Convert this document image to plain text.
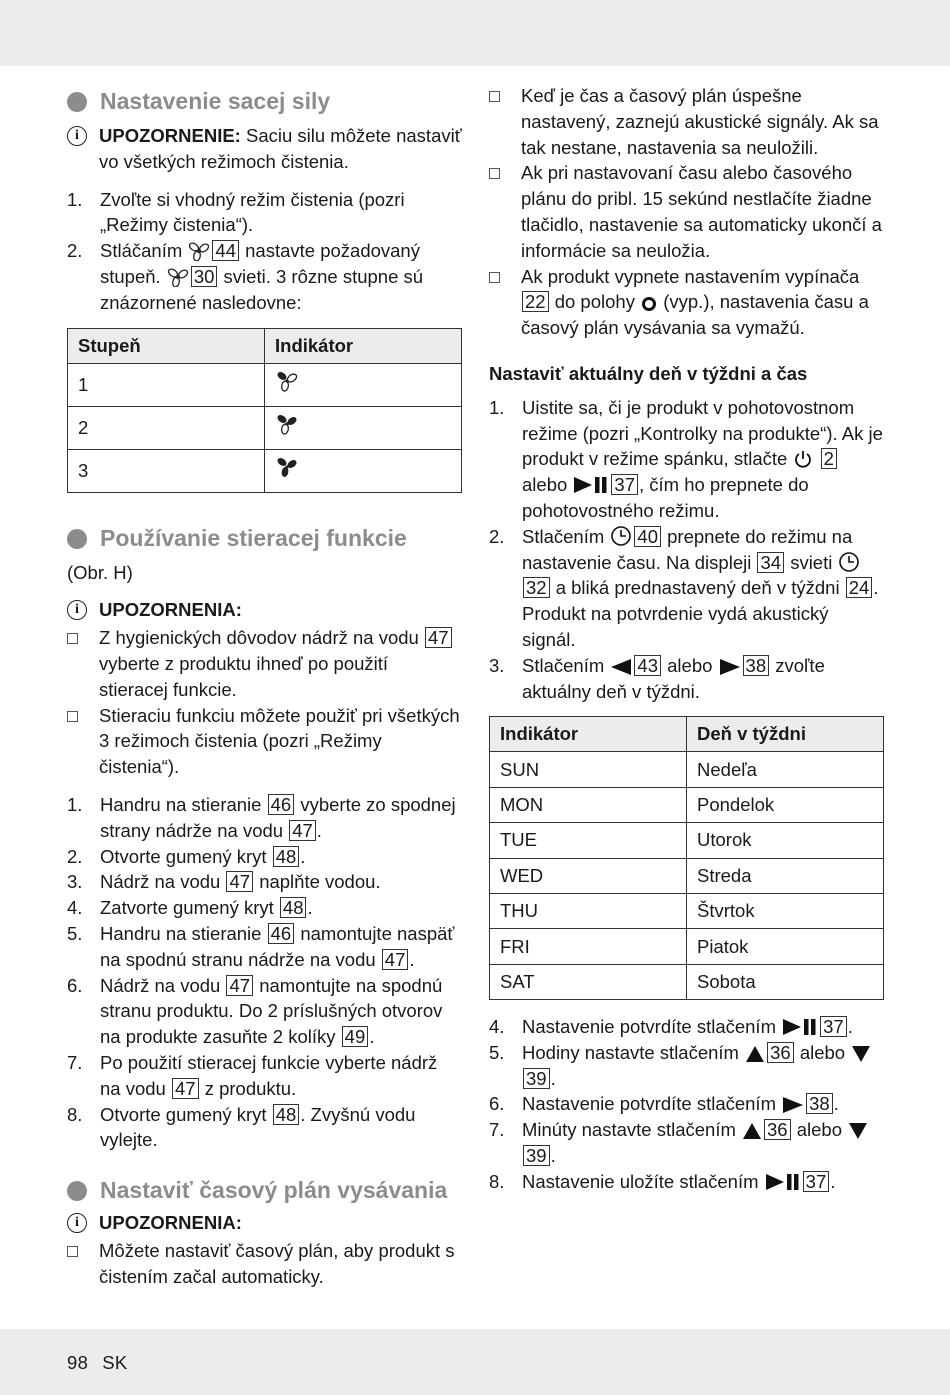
Nastavenie sacej sily
i	UPOZORNENIE: Saciu silu môžete nastaviť vo všetkých režimoch čistenia.
1. Zvoľte si vhodný režim čistenia (pozri „Režimy čistenia“).
2. Stláčaním 44 nastavte požadovaný stupeň. 30 svieti. 3 rôzne stupne sú znázornené nasledovne:
Stupeň	Indikátor
1	
2	
3	
Používanie stieracej funkcie
(Obr. H)
i	UPOZORNENIA:
Z hygienických dôvodov nádrž na vodu 47 vyberte z produktu ihneď po použití stieracej funkcie.
Stieraciu funkciu môžete použiť pri všetkých 3 režimoch čistenia (pozri „Režimy čistenia“).
1. Handru na stieranie 46 vyberte zo spodnej strany nádrže na vodu 47 .
2. Otvorte gumený kryt 48 .
3. Nádrž na vodu 47 naplňte vodou.
4. Zatvorte gumený kryt 48 .
5. Handru na stieranie 46 namontujte naspäť na spodnú stranu nádrže na vodu 47 .
6. Nádrž na vodu 47 namontujte na spodnú stranu produktu. Do 2 príslušných otvorov na produkte zasuňte 2 kolíky 49 .
7. Po použití stieracej funkcie vyberte nádrž na vodu 47 z produktu.
8. Otvorte gumený kryt 48 . Zvyšnú vodu vylejte.
Nastaviť časový plán vysávania
i	UPOZORNENIA:
Môžete nastaviť časový plán, aby produkt s čistením začal automaticky.
Keď je čas a časový plán úspešne nastavený, zaznejú akustické signály. Ak sa tak nestane, nastavenia sa neuložili.
Ak pri nastavovaní času alebo časového plánu do pribl. 15 sekúnd nestlačíte žiadne tlačidlo, nastavenie sa automaticky ukončí a informácie sa neuložia.
Ak produkt vypnete nastavením vypínača 22 do polohy (vyp.), nastavenia času a časový plán vysávania sa vymažú.
Nastaviť aktuálny deň v týždni a čas
1. Uistite sa, či je produkt v pohotovostnom režime (pozri „Kontrolky na produkte“). Ak je produkt v režime spánku, stlačte 2 alebo	37 , čím ho prepnete do pohotovostného režimu.
2. Stlačením 40 prepnete do režimu na nastavenie času. Na displeji 34 svieti 32 a bliká prednastavený deň v týždni 24 . Produkt na potvrdenie vydá akustický signál.
3. Stlačením 43 alebo 38 zvoľte aktuálny deň v týždni.
Indikátor	Deň v týždni
SUN	Nedeľa
MON	Pondelok
TUE	Utorok
WED	Streda
THU	Štvrtok
FRI	Piatok
SAT	Sobota
4. Nastavenie potvrdíte stlačením	37 .
5. Hodiny nastavte stlačením 36 alebo 39 .
6. Nastavenie potvrdíte stlačením 38 .
7. Minúty nastavte stlačením 36 alebo 39 .
8. Nastavenie uložíte stlačením	37 .
98 SK
